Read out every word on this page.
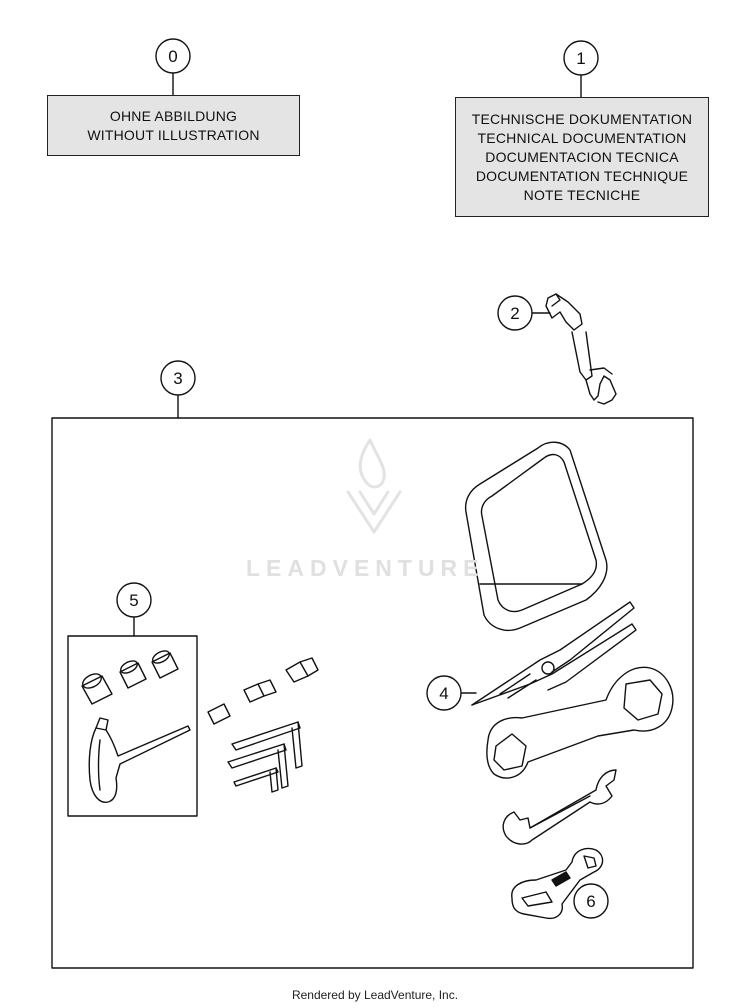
0	1
2
3
4
6
5
OHNE ABBILDUNG
WITHOUT ILLUSTRATION
TECHNISCHE DOKUMENTATION
TECHNICAL DOCUMENTATION
DOCUMENTACION TECNICA
DOCUMENTATION TECHNIQUE
NOTE TECNICHE
LEADVENTURE
Rendered by LeadVenture, Inc.
